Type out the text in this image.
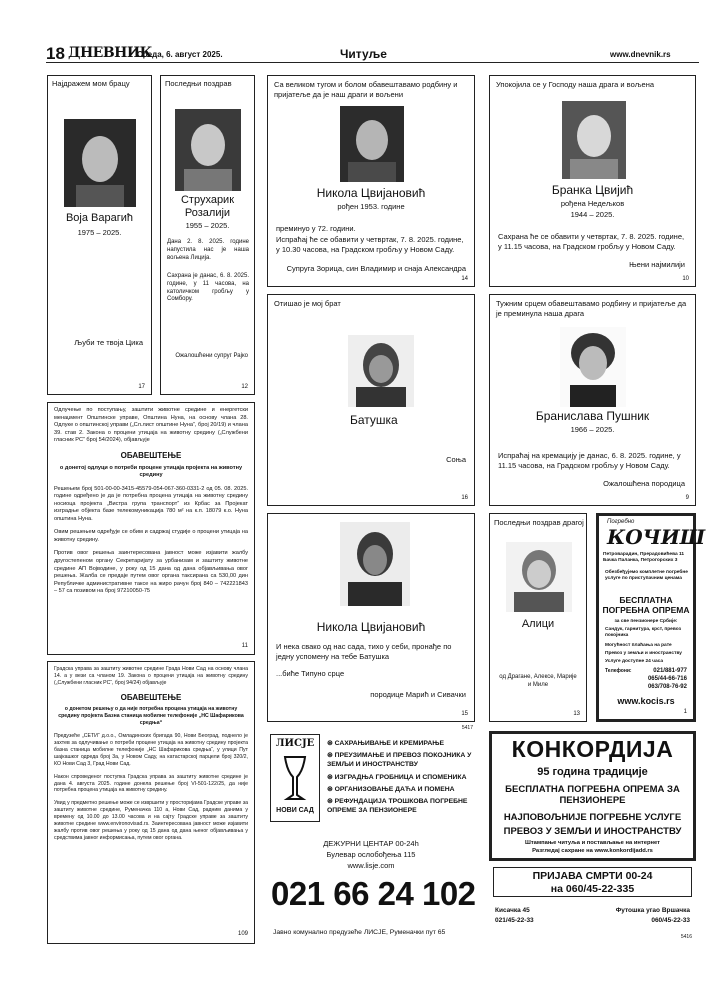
18 ДНЕВНИК
Среда, 6. август 2025.	Читуље	www.dnevnik.rs
Најдражем мом брацу
Воја Варагић
1975 – 2025.
Љуби те твоја Цика
17
Последњи поздрав
Струхарик
Розалији
1955 – 2025.
Дана 2. 8. 2025. године напустила нас је наша вољена Лиција.
Сахрана је данас, 6. 8. 2025. године, у 11 часова, на католичком гробљу у Сомбору.
Ожалошћени супруг Рајко
12
Са великом тугом и болом обавештавамо родбину и пријатеље да је наш драги и вољени
Никола Цвијановић
рођен 1953. године
преминуо у 72. години.
Испраћај ће се обавити у четвртак, 7. 8. 2025. године, у 10.30 часова, на Градском гробљу у Новом Саду.
Супруга Зорица, син Владимир и снаја Александра
14
Упокојила се у Господу наша драга и вољена
Бранка Цвијић
рођена Недељков
1944 – 2025.
Сахрана ће се обавити у четвртак, 7. 8. 2025. године, у 11.15 часова, на Градском гробљу у Новом Саду.
Њени најмилији
10
Отишао је мој брат
Батушка
Соња
16
Тужним срцем обавештавамо родбину и пријатеље да је преминула наша драга
Бранислава Пушник
1966 – 2025.
Испраћај на кремацију је данас, 6. 8. 2025. године, у 11.15 часова, на Градском гробљу у Новом Саду.
Ожалошћена породица
9
Никола Цвијановић
И нека свако од нас сада, тихо у себи, пронађе по једну успомену на тебе Батушка
...биће Типуно срце
породице Марић и Сивачки
15
Последњи поздрав драгој
Алици
од Драгане, Алексе, Марије и Миле
13

Одлучење по поступању, заштити животне средине и енергетски менаџмент Општинске управе, Општина Нуна, на основу члана 28. Одлуке о општинској управи („Сл.лист општине Нуна“, број 20/19) и члана 39. став 2. Закона о процени утицаја на животну средину („Службени гласник РС“ број 54/2024), објављује

ОБАВЕШТЕЊЕ

о донетој одлуци о потреби процене утицаја пројекта на животну средину

Решењем број 501-00-00-3415-45579-054-067-360-0331-2 од 05. 08. 2025. године одређено је да је потребна процена утицаја на животну средину носиоца пројекта „Вистра група транспорт“ из Крбас за Пројекат изградње објекта базе телекомуникација 780 м² на к.п. 18079 к.о. Нуна општина Нуна.

Овим решењем одређује се обим и садржај студије о процени утицаја на животну средину.

Против овог решења заинтересована јавност може изјавити жалбу другостепеном органу Секретаријату за урбанизам и заштиту животне средине АП Војводине, у року од 15 дана од дана објављивања овог решења. Жалба се предаје путем овог органа таксирана са 530,00 дин Републичке административне таксе на жиро рачун број 840 – 742221843 – 57 са позивом на број 97210050-75

11

Градска управа за заштиту животне средине Града Нови Сад на основу члана 14. а у вези са чланом 19. Закона о процени утицаја на животну средину („Службени гласник РС“, број 94/24) објављује

ОБАВЕШТЕЊЕ

о донетом решењу о да није потребна процена утицаја на животну средину пројекта Базна станица мобилне телефоније „НС Шафарикова средња“

Предузеће „СЕТИ“ д.о.о., Омладинских бригада 90, Нови Београд, поднело је захтев за одлучивање о потреби процене утицаја на животну средину пројекта базна станица мобилне телефоније „НС Шафарикова средња“, у улици Пут шајкашког одреда број 3а, у Новом Саду, на катастарској парцели број 320/2, КО Нови Сад 3, Град Нови Сад.

Након спроведеног поступка Градска управа за заштиту животне средине је дана 4. августа 2025. године донела решење број VI-501-122/25, да није потребна процена утицаја на животну средину.

Увид у предметно решење може се извршити у просторијама Градске управе за заштиту животне средине, Руменачка 110 а, Нови Сад, радним данима у времену од 10.00 до 13.00 часова и на сајту Градске управе за заштиту животне средине www.environovisad.rs. Заинтересована јавност може изјавити жалбу против овог решења у року од 15 дана од дана њеног објављивања у средствима јавног информисања, путем овог органа.

109
Погребно
КОЧИШ
Петроварадин, Прерадовићева 11 Бачка Паланка, Петрогорских 3
Обезбеђујемо комплетне погребне услуге по приступачним ценама
БЕСПЛАТНА ПОГРЕБНА ОПРЕМА
за све пензионере Србије:
Сандук, гарнитура, крст, превоз покојника
Могућност плаћања на рате
Превоз у земљи и иностранству
Услуге доступне 24 часа
Телефони:	021/881-977
065/44-66-716
063/708-76-92
www.kocis.rs
1
ЛИСЈЕ
НОВИ САД
⊛ САХРАЊИВАЊЕ И КРЕМИРАЊЕ
⊛ ПРЕУЗИМАЊЕ И ПРЕВОЗ ПОКОЈНИКА У ЗЕМЉИ И ИНОСТРАНСТВУ
⊛ ИЗГРАДЊА ГРОБНИЦА И СПОМЕНИКА
⊛ ОРГАНИЗОВАЊЕ ДАЋА И ПОМЕНА
⊛ РЕФУНДАЦИЈА ТРОШКОВА ПОГРЕБНЕ ОПРЕМЕ ЗА ПЕНЗИОНЕРЕ
ДЕЖУРНИ ЦЕНТАР 00-24h
Булевар ослобођења 115
www.lisje.com
021 66 24 102
Јавно комунално предузеће ЛИСЈЕ, Руменачки пут 65
5417
КОНКОРДИЈА
95 година традиције
БЕСПЛАТНА ПОГРЕБНА ОПРЕМА ЗА ПЕНЗИОНЕРЕ
НАЈПОВОЉНИЈЕ ПОГРЕБНЕ УСЛУГЕ
ПРЕВОЗ У ЗЕМЉИ И ИНОСТРАНСТВУ
Штампање читуља и постављање на интернет
Разгледај сахране на www.konkordijadd.rs
ПРИЈАВА СМРТИ 00-24
на 060/45-22-335
Кисачка 45
021/45-22-33
Футошка угао Вршачка
060/45-22-33
5416
